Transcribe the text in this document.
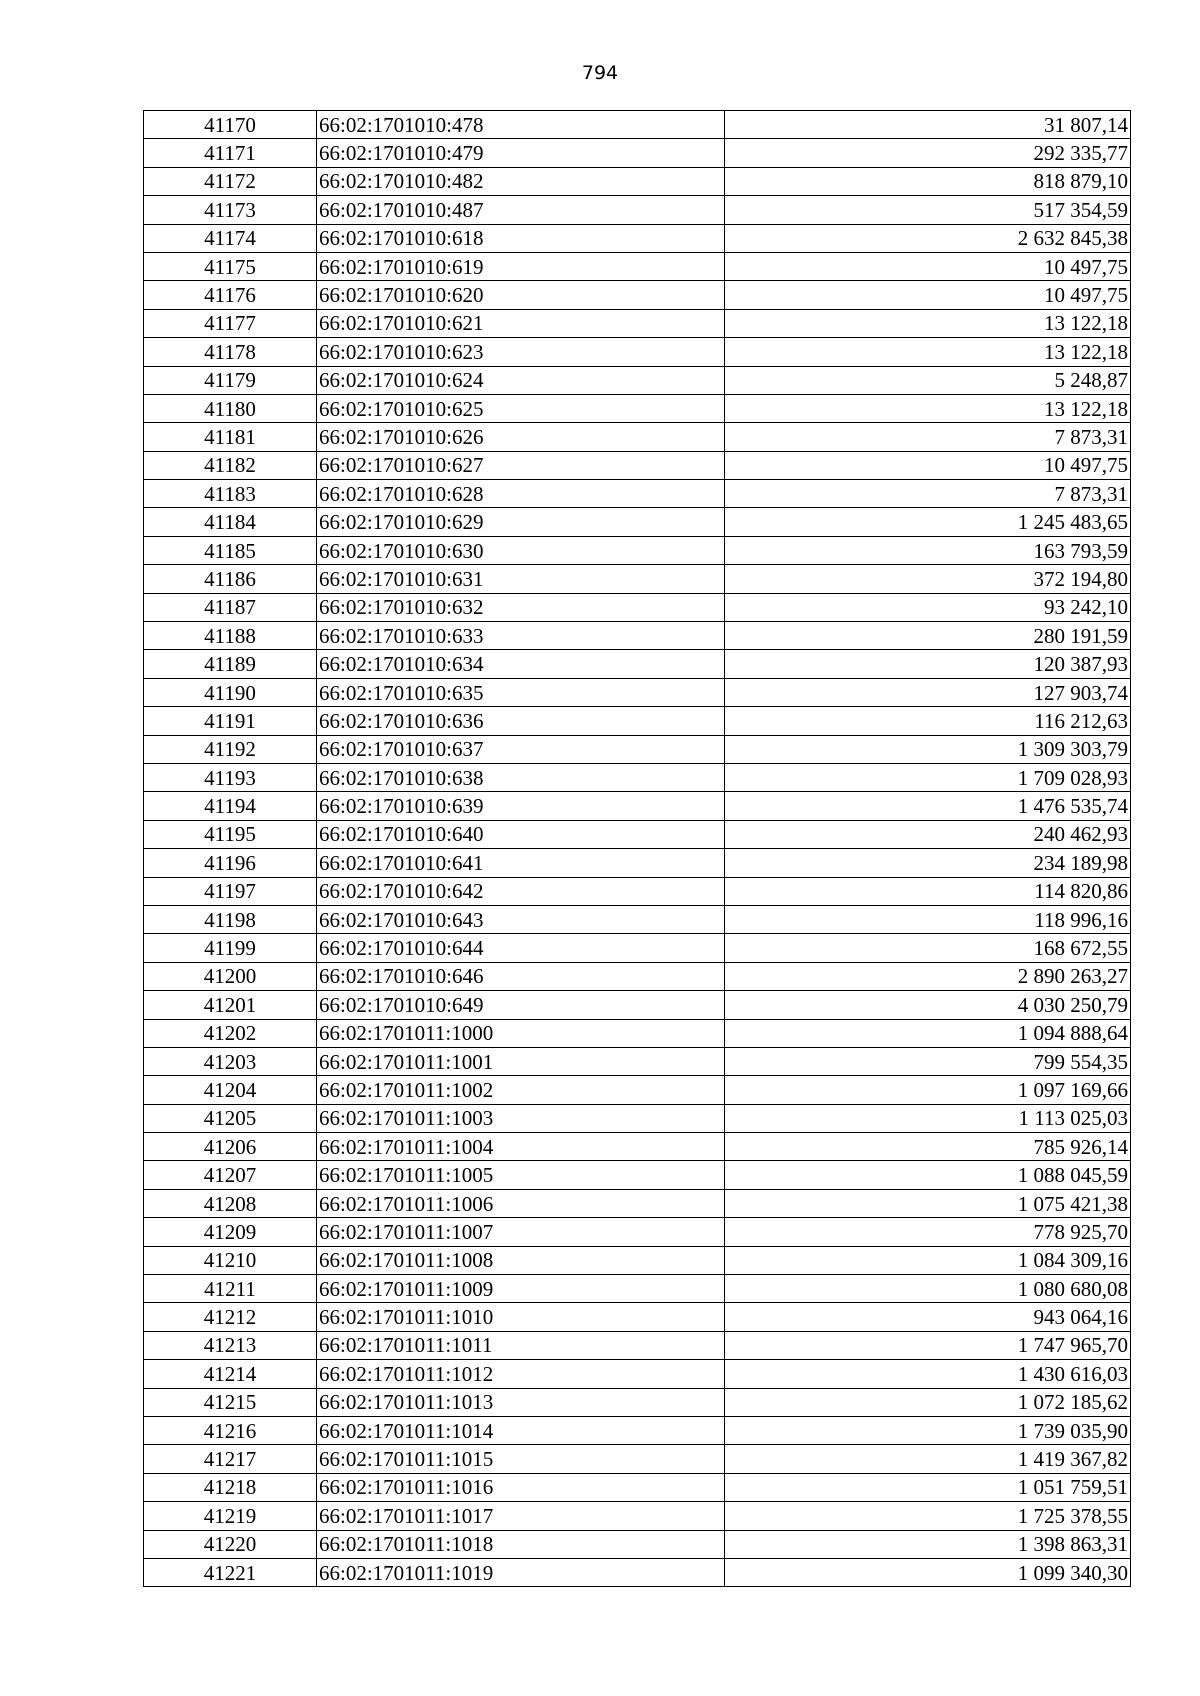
794
41170	66:02:1701010:478	31 807,14
41171	66:02:1701010:479	292 335,77
41172	66:02:1701010:482	818 879,10
41173	66:02:1701010:487	517 354,59
41174	66:02:1701010:618	2 632 845,38
41175	66:02:1701010:619	10 497,75
41176	66:02:1701010:620	10 497,75
41177	66:02:1701010:621	13 122,18
41178	66:02:1701010:623	13 122,18
41179	66:02:1701010:624	5 248,87
41180	66:02:1701010:625	13 122,18
41181	66:02:1701010:626	7 873,31
41182	66:02:1701010:627	10 497,75
41183	66:02:1701010:628	7 873,31
41184	66:02:1701010:629	1 245 483,65
41185	66:02:1701010:630	163 793,59
41186	66:02:1701010:631	372 194,80
41187	66:02:1701010:632	93 242,10
41188	66:02:1701010:633	280 191,59
41189	66:02:1701010:634	120 387,93
41190	66:02:1701010:635	127 903,74
41191	66:02:1701010:636	116 212,63
41192	66:02:1701010:637	1 309 303,79
41193	66:02:1701010:638	1 709 028,93
41194	66:02:1701010:639	1 476 535,74
41195	66:02:1701010:640	240 462,93
41196	66:02:1701010:641	234 189,98
41197	66:02:1701010:642	114 820,86
41198	66:02:1701010:643	118 996,16
41199	66:02:1701010:644	168 672,55
41200	66:02:1701010:646	2 890 263,27
41201	66:02:1701010:649	4 030 250,79
41202	66:02:1701011:1000	1 094 888,64
41203	66:02:1701011:1001	799 554,35
41204	66:02:1701011:1002	1 097 169,66
41205	66:02:1701011:1003	1 113 025,03
41206	66:02:1701011:1004	785 926,14
41207	66:02:1701011:1005	1 088 045,59
41208	66:02:1701011:1006	1 075 421,38
41209	66:02:1701011:1007	778 925,70
41210	66:02:1701011:1008	1 084 309,16
41211	66:02:1701011:1009	1 080 680,08
41212	66:02:1701011:1010	943 064,16
41213	66:02:1701011:1011	1 747 965,70
41214	66:02:1701011:1012	1 430 616,03
41215	66:02:1701011:1013	1 072 185,62
41216	66:02:1701011:1014	1 739 035,90
41217	66:02:1701011:1015	1 419 367,82
41218	66:02:1701011:1016	1 051 759,51
41219	66:02:1701011:1017	1 725 378,55
41220	66:02:1701011:1018	1 398 863,31
41221	66:02:1701011:1019	1 099 340,30
